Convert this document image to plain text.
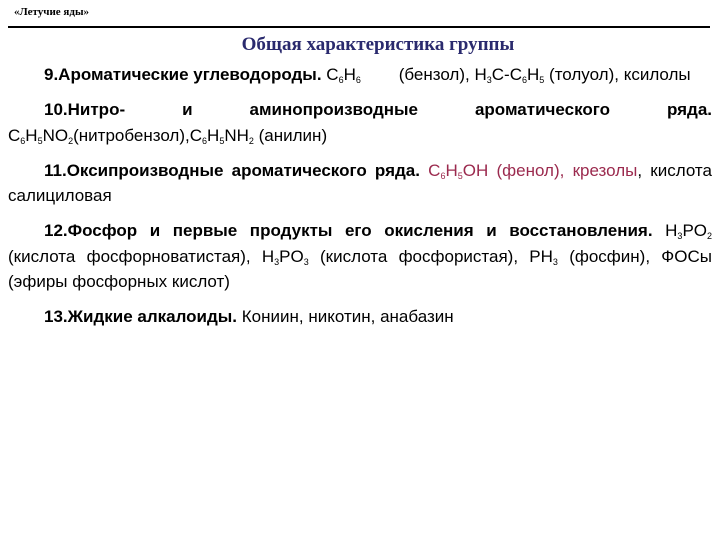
«Летучие яды»
Общая характеристика группы

9.Ароматические углеводороды. $C_6H_6$ (бензол), $H_3C-C_6H_5$ (толуол), ксилолы

10.Нитро- и аминопроизводные ароматического ряда. $C_6H_5NO_2(нитробензол),C_6H_5NH_2$ (анилин)

11.Оксипроизводные ароматического ряда. $C_6H_5OH$ (фенол), крезолы, кислота салициловая

12.Фосфор и первые продукты его окисления и восстановления. $H_3PO_2$ (кислота фосфорноватистая), $H_3PO_3$ (кислота фосфористая), $PH_3$ (фосфин), ФОСы (эфиры фосфорных кислот)

13.Жидкие алкалоиды. Кониин, никотин, анабазин
